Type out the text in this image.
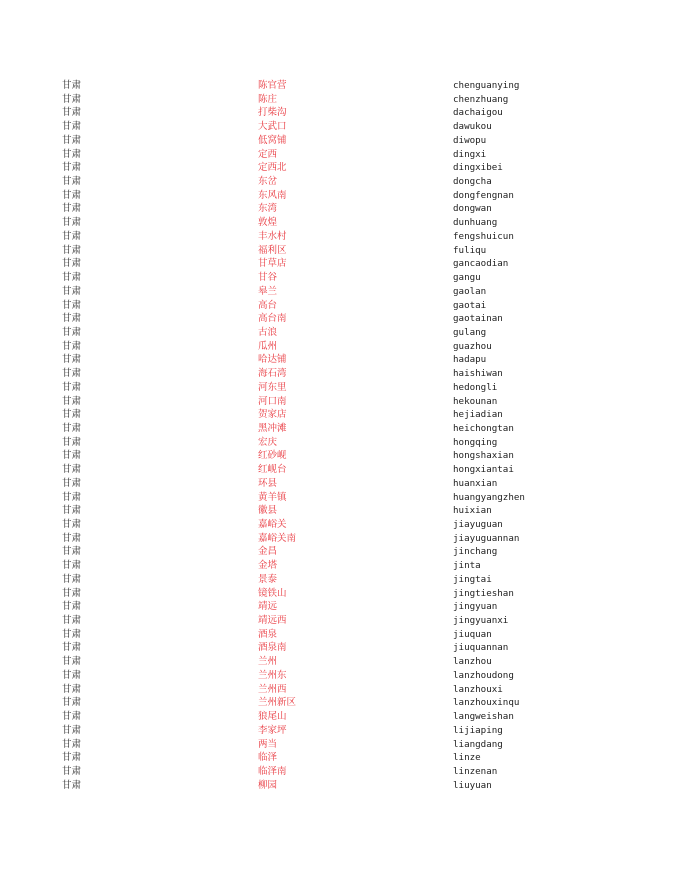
甘肃	陈官营	chenguanying
甘肃	陈庄	chenzhuang
甘肃	打柴沟	dachaigou
甘肃	大武口	dawukou
甘肃	低窝铺	diwopu
甘肃	定西	dingxi
甘肃	定西北	dingxibei
甘肃	东岔	dongcha
甘肃	东风南	dongfengnan
甘肃	东湾	dongwan
甘肃	敦煌	dunhuang
甘肃	丰水村	fengshuicun
甘肃	福利区	fuliqu
甘肃	甘草店	gancaodian
甘肃	甘谷	gangu
甘肃	皋兰	gaolan
甘肃	高台	gaotai
甘肃	高台南	gaotainan
甘肃	古浪	gulang
甘肃	瓜州	guazhou
甘肃	哈达铺	hadapu
甘肃	海石湾	haishiwan
甘肃	河东里	hedongli
甘肃	河口南	hekounan
甘肃	贺家店	hejiadian
甘肃	黑冲滩	heichongtan
甘肃	宏庆	hongqing
甘肃	红砂岘	hongshaxian
甘肃	红岘台	hongxiantai
甘肃	环县	huanxian
甘肃	黄羊镇	huangyangzhen
甘肃	徽县	huixian
甘肃	嘉峪关	jiayuguan
甘肃	嘉峪关南	jiayuguannan
甘肃	金昌	jinchang
甘肃	金塔	jinta
甘肃	景泰	jingtai
甘肃	镜铁山	jingtieshan
甘肃	靖远	jingyuan
甘肃	靖远西	jingyuanxi
甘肃	酒泉	jiuquan
甘肃	酒泉南	jiuquannan
甘肃	兰州	lanzhou
甘肃	兰州东	lanzhoudong
甘肃	兰州西	lanzhouxi
甘肃	兰州新区	lanzhouxinqu
甘肃	狼尾山	langweishan
甘肃	李家坪	lijiaping
甘肃	两当	liangdang
甘肃	临泽	linze
甘肃	临泽南	linzenan
甘肃	柳园	liuyuan
